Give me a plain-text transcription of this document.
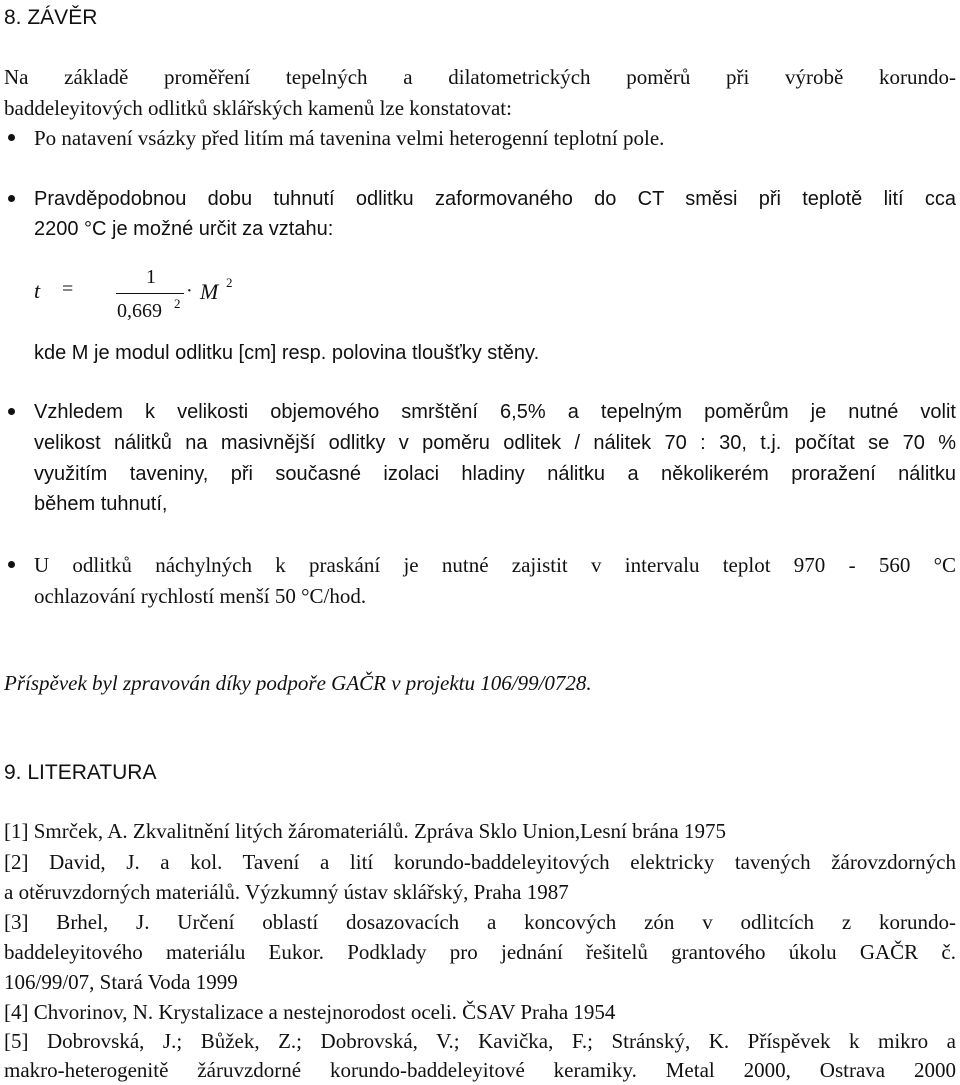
8. ZÁVĚR
Na základě proměření tepelných a dilatometrických poměrů při výrobě korundo-
baddeleyitových odlitků sklářských kamenů lze konstatovat:
Po natavení vsázky před litím má tavenina velmi heterogenní teplotní pole.
Pravděpodobnou dobu tuhnutí odlitku zaformovaného do CT směsi při teplotě lití cca
2200 °C je možné určit za vztahu:
t =
1
0,669 2
· M 2
kde M je modul odlitku [cm] resp. polovina tloušťky stěny.
Vzhledem k velikosti objemového smrštění 6,5% a tepelným poměrům je nutné volit
velikost nálitků na masivnější odlitky v poměru odlitek / nálitek 70 : 30, t.j. počítat se 70 %
využitím taveniny, při současné izolaci hladiny nálitku a několikerém proražení nálitku
během tuhnutí,
U odlitků náchylných k praskání je nutné zajistit v intervalu teplot 970 - 560 °C
ochlazování rychlostí menší 50 °C/hod.
Příspěvek byl zpravován díky podpoře GAČR v projektu 106/99/0728.
9. LITERATURA
[1] Smrček, A. Zkvalitnění litých žáromateriálů. Zpráva Sklo Union,Lesní brána 1975
[2] David, J. a kol. Tavení a lití korundo-baddeleyitových elektricky tavených žárovzdorných
a otěruvzdorných materiálů. Výzkumný ústav sklářský, Praha 1987
[3] Brhel, J. Určení oblastí dosazovacích a koncových zón v odlitcích z korundo-
baddeleyitového materiálu Eukor. Podklady pro jednání řešitelů grantového úkolu GAČR č.
106/99/07, Stará Voda 1999
[4] Chvorinov, N. Krystalizace a nestejnorodost oceli. ČSAV Praha 1954
[5] Dobrovská, J.; Bůžek, Z.; Dobrovská, V.; Kavička, F.; Stránský, K. Příspěvek k mikro a
makro-heterogenitě žáruvzdorné korundo-baddeleyitové keramiky. Metal 2000, Ostrava 2000
